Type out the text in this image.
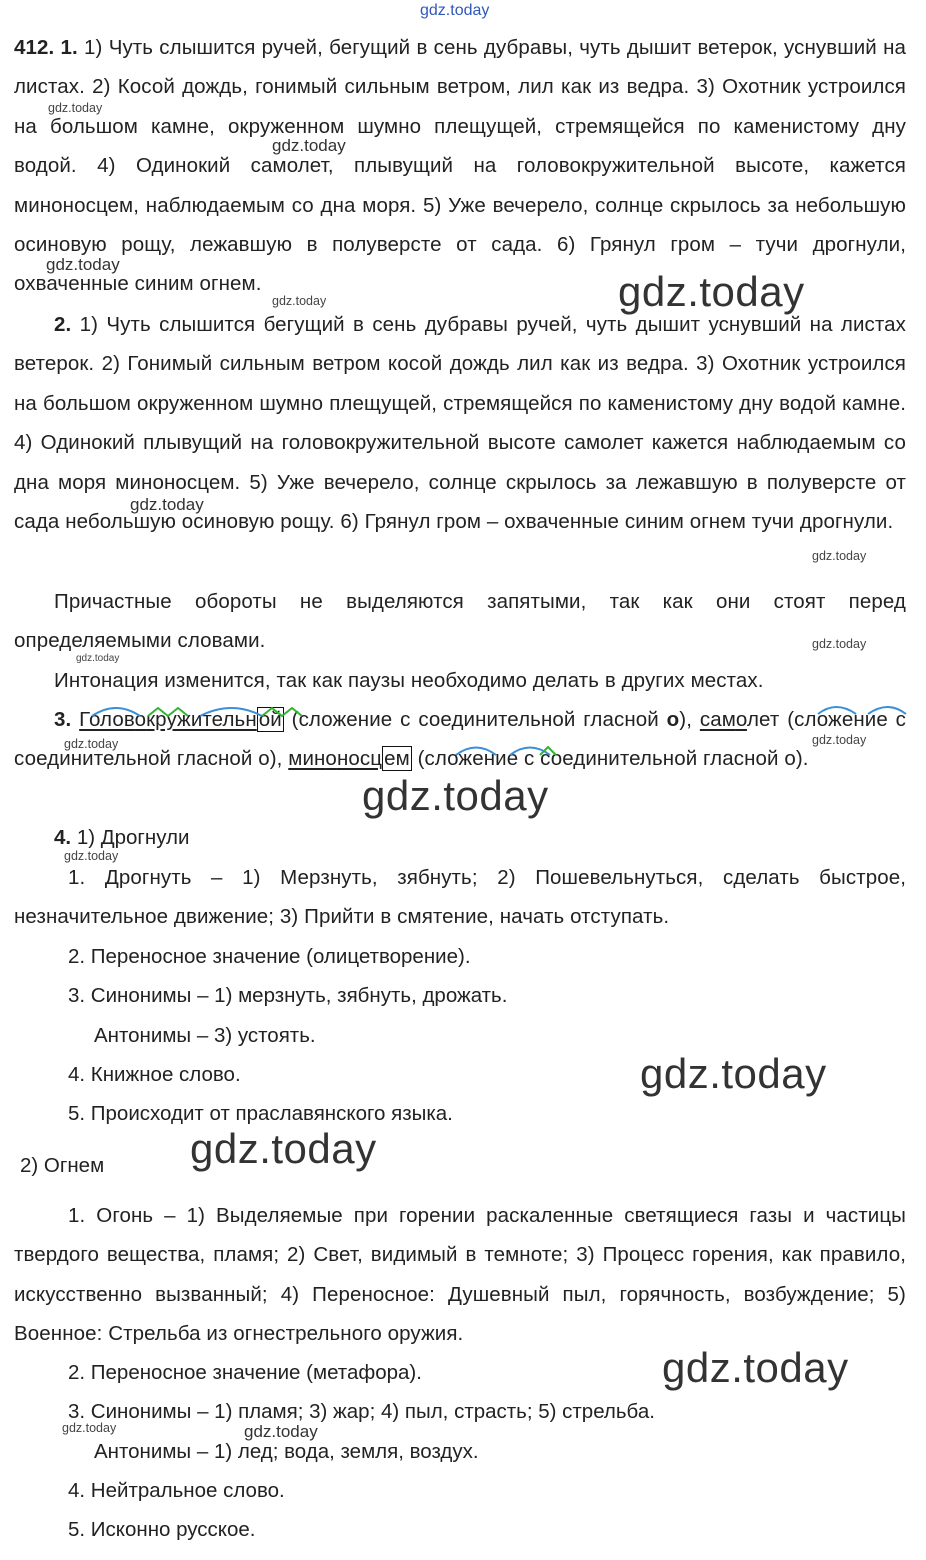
412. 1. 1) Чуть слышится ручей, бегущий в сень дубравы, чуть дышит ветерок, уснувший на листах. 2) Косой дождь, гонимый сильным ветром, лил как из ведра. 3) Охотник устроился на большом камне, окруженном шумно плещущей, стремящейся по каменистому дну водой. 4) Одинокий самолет, плывущий на головокружительной высоте, кажется миноносцем, наблюдаемым со дна моря. 5) Уже вечерело, солнце скрылось за небольшую осиновую рощу, лежавшую в полуверсте от сада. 6) Грянул гром – тучи дрогнули, охваченные синим огнем.

2. 1) Чуть слышится бегущий в сень дубравы ручей, чуть дышит уснувший на листах ветерок. 2) Гонимый сильным ветром косой дождь лил как из ведра. 3) Охотник устроился на большом окруженном шумно плещущей, стремящейся по каменистому дну водой камне. 4) Одинокий плывущий на головокружительной высоте самолет кажется наблюдаемым со дна моря миноносцем. 5) Уже вечерело, солнце скрылось за лежавшую в полуверсте от сада небольшую осиновую рощу. 6) Грянул гром – охваченные синим огнем тучи дрогнули.

Причастные обороты не выделяются запятыми, так как они стоят перед определяемыми словами.

Интонация изменится, так как паузы необходимо делать в других местах.

3. Головокружительной (сложение с соединительной гласной о), самолет (сложение с соединительной гласной о), миноносцем (сложение с соединительной гласной о).

4. 1) Дрогнули

1. Дрогнуть – 1) Мерзнуть, зябнуть; 2) Пошевельнуться, сделать быстрое, незначительное движение; 3) Прийти в смятение, начать отступать.

2. Переносное значение (олицетворение).

3. Синонимы – 1) мерзнуть, зябнуть, дрожать.

Антонимы – 3) устоять.

4. Книжное слово.

5. Происходит от праславянского языка.

2) Огнем

1. Огонь – 1) Выделяемые при горении раскаленные светящиеся газы и частицы твердого вещества, пламя; 2) Свет, видимый в темноте; 3) Процесс горения, как правило, искусственно вызванный; 4) Переносное: Душевный пыл, горячность, возбуждение; 5) Военное: Стрельба из огнестрельного оружия.

2. Переносное значение (метафора).

3. Синонимы – 1) пламя; 3) жар; 4) пыл, страсть; 5) стрельба.

Антонимы – 1) лед; вода, земля, воздух.

4. Нейтральное слово.

5. Исконно русское.

gdz.today
gdz.today
gdz.today
gdz.today
gdz.today	gdz.today
gdz.today
gdz.today
gdz.today
gdz.today
gdz.today	gdz.today
gdz.today
gdz.today
gdz.today
gdz.today
gdz.today
gdz.today	gdz.today
